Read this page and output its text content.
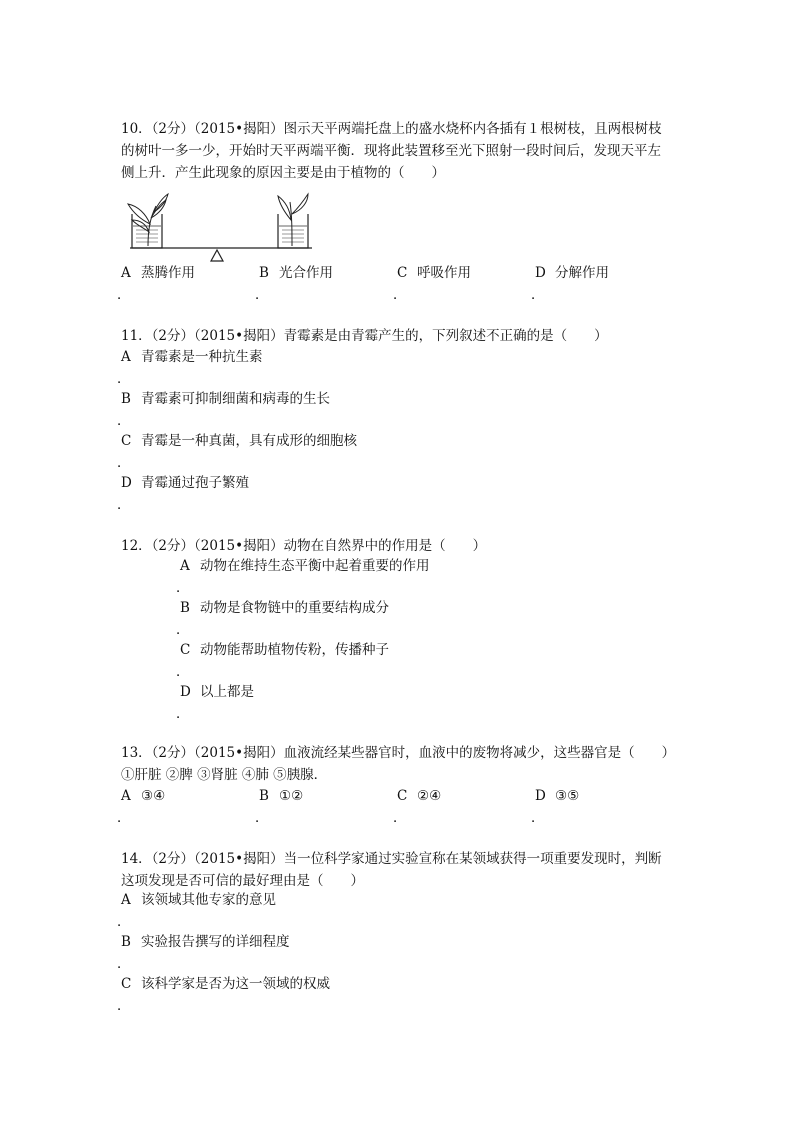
10．（2分）（2015•揭阳）图示天平两端托盘上的盛水烧杯内各插有１根树枝，且两根树枝
的树叶一多一少，开始时天平两端平衡．现将此装置移至光下照射一段时间后，发现天平左
侧上升．产生此现象的原因主要是由于植物的（　　）
A 蒸腾作用	B 光合作用	C 呼吸作用	D 分解作用
．	．	．	．
11．（2分）（2015•揭阳）青霉素是由青霉产生的，下列叙述不正确的是（　　）
A 青霉素是一种抗生素
．
B 青霉素可抑制细菌和病毒的生长
．
C 青霉是一种真菌，具有成形的细胞核
．
D 青霉通过孢子繁殖
．
12．（2分）（2015•揭阳）动物在自然界中的作用是（　　）
A 动物在维持生态平衡中起着重要的作用
．
B 动物是食物链中的重要结构成分
．
C 动物能帮助植物传粉，传播种子
．
D 以上都是
．
13．（2分）（2015•揭阳）血液流经某些器官时，血液中的废物将减少，这些器官是（　　）
①肝脏 ②脾 ③肾脏 ④肺 ⑤胰腺．
A ③④	B ①②	C ②④	D ③⑤
．	．	．	．
14．（2分）（2015•揭阳）当一位科学家通过实验宣称在某领域获得一项重要发现时，判断
这项发现是否可信的最好理由是（　　）
A 该领域其他专家的意见
．
B 实验报告撰写的详细程度
．
C 该科学家是否为这一领域的权威
．
